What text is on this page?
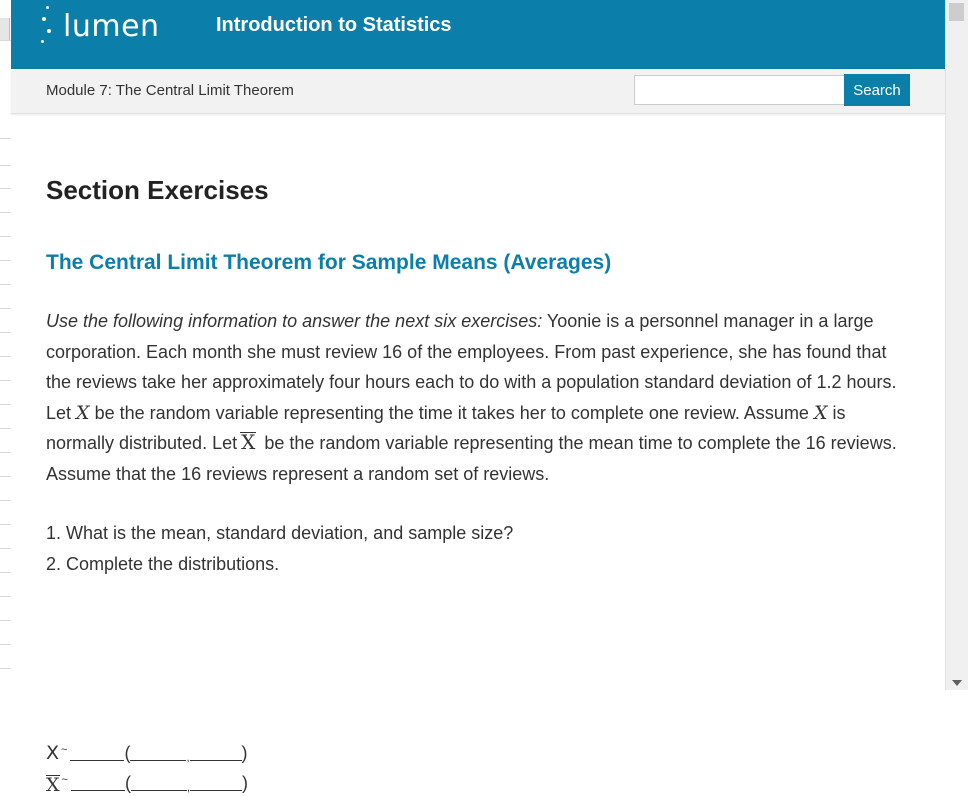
lumen	Introduction to Statistics
Module 7: The Central Limit Theorem	Search
Section Exercises
The Central Limit Theorem for Sample Means (Averages)
Use the following information to answer the next six exercises: Yoonie is a personnel manager in a large corporation. Each month she must review 16 of the employees. From past experience, she has found that the reviews take her approximately four hours each to do with a population standard deviation of 1.2 hours. Let X be the random variable representing the time it takes her to complete one review. Assume X is normally distributed. Let X be the random variable representing the mean time to complete the 16 reviews. Assume that the 16 reviews represent a random set of reviews.
1. What is the mean, standard deviation, and sample size?
2. Complete the distributions.
X ~	(	,	)
X ~	(	,	)
